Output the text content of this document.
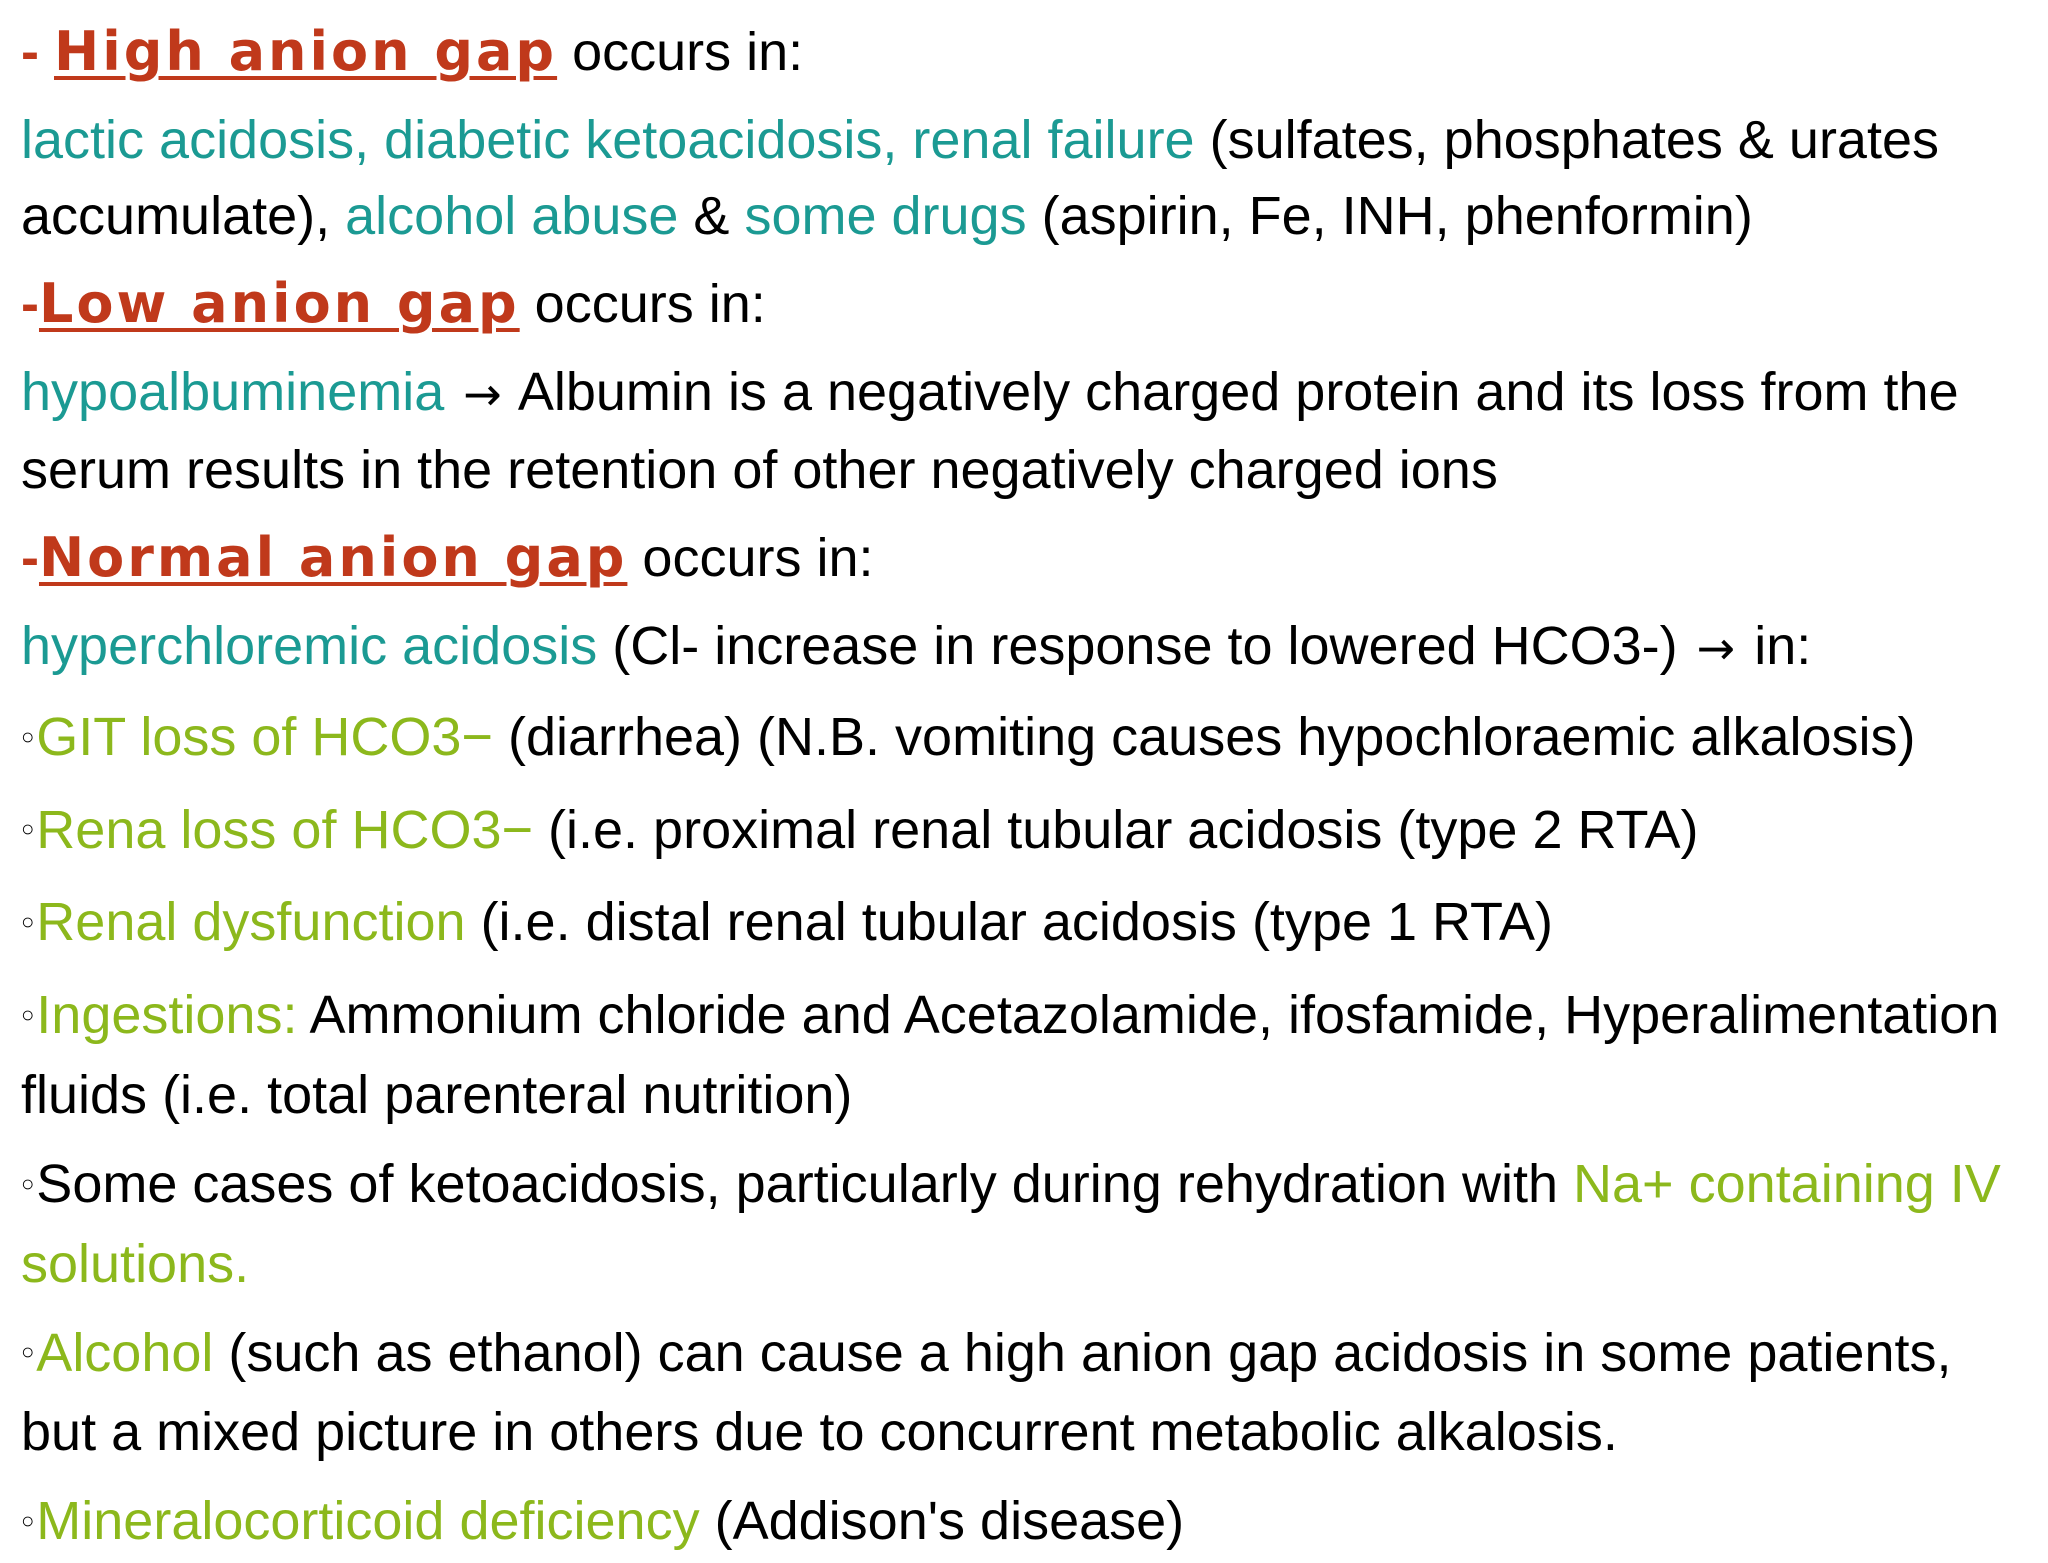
- High anion gap occurs in:

lactic acidosis, diabetic ketoacidosis, renal failure (sulfates, phosphates & urates accumulate), alcohol abuse & some drugs (aspirin, Fe, INH, phenformin)

-Low anion gap occurs in:

hypoalbuminemia → Albumin is a negatively charged protein and its loss from the serum results in the retention of other negatively charged ions

-Normal anion gap occurs in:

hyperchloremic acidosis (Cl- increase in response to lowered HCO3-) → in:

○GIT loss of HCO3− (diarrhea) (N.B. vomiting causes hypochloraemic alkalosis)

○Rena loss of HCO3− (i.e. proximal renal tubular acidosis (type 2 RTA)

○Renal dysfunction (i.e. distal renal tubular acidosis (type 1 RTA)

○Ingestions: Ammonium chloride and Acetazolamide, ifosfamide, Hyperalimentation fluids (i.e. total parenteral nutrition)

○Some cases of ketoacidosis, particularly during rehydration with Na+ containing IV solutions.

○Alcohol (such as ethanol) can cause a high anion gap acidosis in some patients, but a mixed picture in others due to concurrent metabolic alkalosis.

○Mineralocorticoid deficiency (Addison's disease)
